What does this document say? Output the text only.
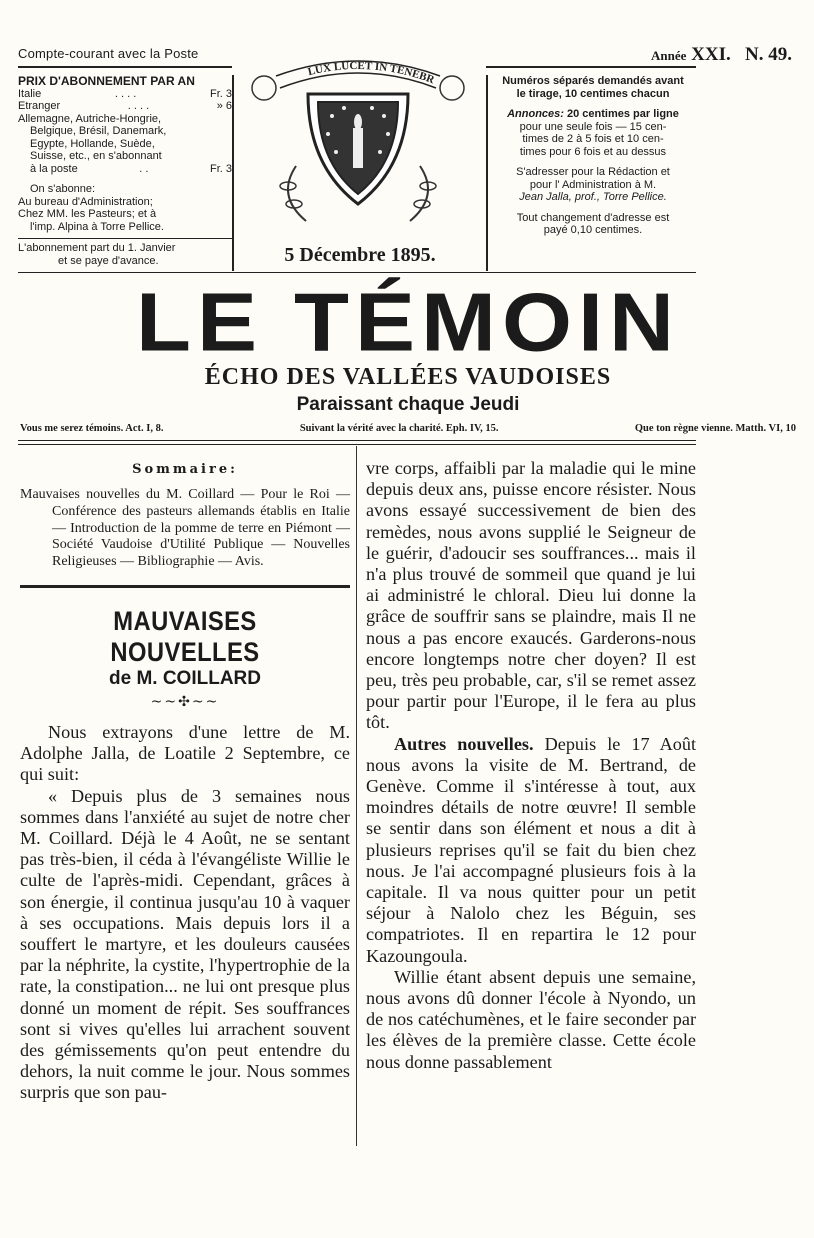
Compte-courant avec la Poste	Année XXI. N. 49.
PRIX D'ABONNEMENT PAR AN
Italie	. . . .	Fr. 3
Etranger	. . . .	» 6
Allemagne, Autriche-Hongrie,
Belgique, Brésil, Danemark,
Egypte, Hollande, Suède,
Suisse, etc., en s'abonnant
à la poste	. .	Fr. 3
On s'abonne:
Au bureau d'Administration;
Chez MM. les Pasteurs; et à
l'imp. Alpina à Torre Pellice.
L'abonnement part du 1. Janvier
et se paye d'avance.
LUX LUCET IN TENEBR	Numéros séparés demandés avant
le tirage, 10 centimes chacun

Annonces: 20 centimes par ligne
pour une seule fois — 15 cen-
times de 2 à 5 fois et 10 cen-
times pour 6 fois et au dessus

S'adresser pour la Rédaction et
pour l' Administration à M.
Jean Jalla, prof., Torre Pellice.

Tout changement d'adresse est
payé 0,10 centimes.

5 Décembre 1895.
LE TÉMOIN
ÉCHO DES VALLÉES VAUDOISES
Paraissant chaque Jeudi
Vous me serez témoins. Act. I, 8.	Suivant la vérité avec la charité. Eph. IV, 15.	Que ton règne vienne. Matth. VI, 10
Sommaire:
Mauvaises nouvelles du M. Coillard — Pour le Roi — Conférence des pasteurs allemands établis en Italie — Introduction de la pomme de terre en Piémont — Société Vaudoise d'Utilité Publique — Nouvelles Religieuses — Bibliographie — Avis.
MAUVAISES NOUVELLES
de M. COILLARD
~~✣~~

Nous extrayons d'une lettre de M. Adolphe Jalla, de Loatile 2 Septembre, ce qui suit:

« Depuis plus de 3 semaines nous sommes dans l'anxiété au sujet de notre cher M. Coillard. Déjà le 4 Août, ne se sentant pas très-bien, il céda à l'évangéliste Willie le culte de l'après-midi. Cependant, grâces à son énergie, il continua jusqu'au 10 à vaquer à ses occupations. Mais depuis lors il a souffert le martyre, et les douleurs causées par la néphrite, la cystite, l'hypertrophie de la rate, la constipation... ne lui ont presque plus donné un moment de répit. Ses souffrances sont si vives qu'elles lui arrachent souvent des gémissements qu'on peut entendre du dehors, la nuit comme le jour. Nous sommes surpris que son pau-

vre corps, affaibli par la maladie qui le mine depuis deux ans, puisse encore résister. Nous avons essayé successivement de bien des remèdes, nous avons supplié le Seigneur de le guérir, d'adoucir ses souffrances... mais il n'a plus trouvé de sommeil que quand je lui ai administré le chloral. Dieu lui donne la grâce de souffrir sans se plaindre, mais Il ne nous a pas encore exaucés. Garderons-nous encore longtemps notre cher doyen? Il est peu, très peu probable, car, s'il se remet assez pour partir pour l'Europe, il le fera au plus tôt.

Autres nouvelles. Depuis le 17 Août nous avons la visite de M. Bertrand, de Genève. Comme il s'intéresse à tout, aux moindres détails de notre œuvre! Il semble se sentir dans son élément et nous a dit à plusieurs reprises qu'il se fait du bien chez nous. Je l'ai accompagné plusieurs fois à la capitale. Il va nous quitter pour un petit séjour à Nalolo chez les Béguin, ses compatriotes. Il en repartira le 12 pour Kazoungoula.

Willie étant absent depuis une semaine, nous avons dû donner l'école à Nyondo, un de nos catéchumènes, et le faire seconder par les élèves de la première classe. Cette école nous donne passablement
